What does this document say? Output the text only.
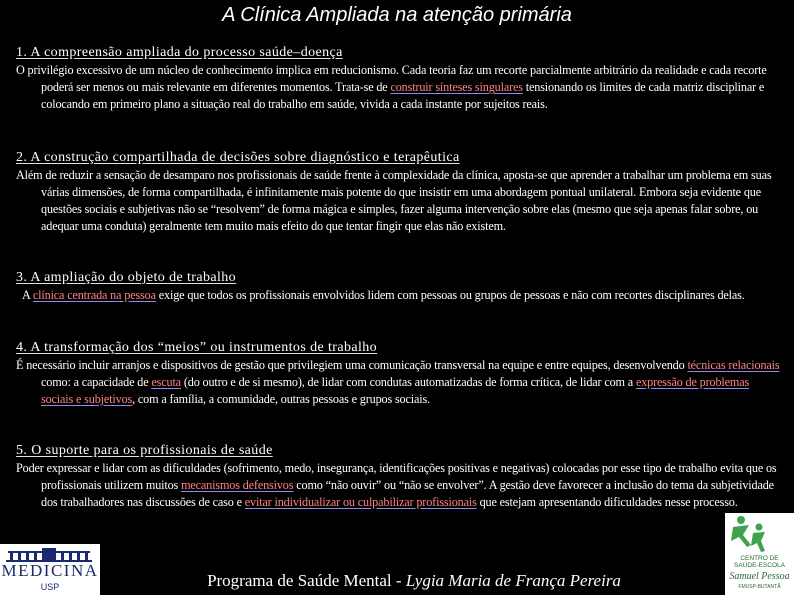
A Clínica Ampliada na atenção primária
1. A compreensão ampliada do processo saúde–doença
O privilégio excessivo de um núcleo de conhecimento implica em reducionismo. Cada teoria faz um recorte parcialmente arbitrário da realidade e cada recorte poderá ser menos ou mais relevante em diferentes momentos. Trata-se de construir sínteses singulares tensionando os limites de cada matriz disciplinar e colocando em primeiro plano a situação real do trabalho em saúde, vivida a cada instante por sujeitos reais.
2. A construção compartilhada de decisões sobre diagnóstico e terapêutica
Além de reduzir a sensação de desamparo nos profissionais de saúde frente à complexidade da clínica, aposta-se que aprender a trabalhar um problema em suas várias dimensões, de forma compartilhada, é infinitamente mais potente do que insistir em uma abordagem pontual unilateral. Embora seja evidente que questões sociais e subjetivas não se “resolvem” de forma mágica e simples, fazer alguma intervenção sobre elas (mesmo que seja apenas falar sobre, ou adequar uma conduta) geralmente tem muito mais efeito do que tentar fingir que elas não existem.
3. A ampliação do objeto de trabalho
A clínica centrada na pessoa exige que todos os profissionais envolvidos lidem com pessoas ou grupos de pessoas e não com recortes disciplinares delas.
4. A transformação dos “meios” ou instrumentos de trabalho
É necessário incluir arranjos e dispositivos de gestão que privilegiem uma comunicação transversal na equipe e entre equipes, desenvolvendo técnicas relacionais como: a capacidade de escuta (do outro e de si mesmo), de lidar com condutas automatizadas de forma crítica, de lidar com a expressão de problemas sociais e subjetivos, com a família, a comunidade, outras pessoas e grupos sociais.
5. O suporte para os profissionais de saúde
Poder expressar e lidar com as dificuldades (sofrimento, medo, insegurança, identificações positivas e negativas) colocadas por esse tipo de trabalho evita que os profissionais utilizem muitos mecanismos defensivos como “não ouvir” ou “não se envolver”. A gestão deve favorecer a inclusão do tema da subjetividade dos trabalhadores nas discussões de caso e evitar individualizar ou culpabilizar profissionais que estejam apresentando dificuldades nesse processo.
MEDICINA
USP	Programa de Saúde Mental - Lygia Maria de França Pereira
CENTRO DE
SAÚDE-ESCOLA
Samuel Pessoa
FMUSP-BUTANTÃ
